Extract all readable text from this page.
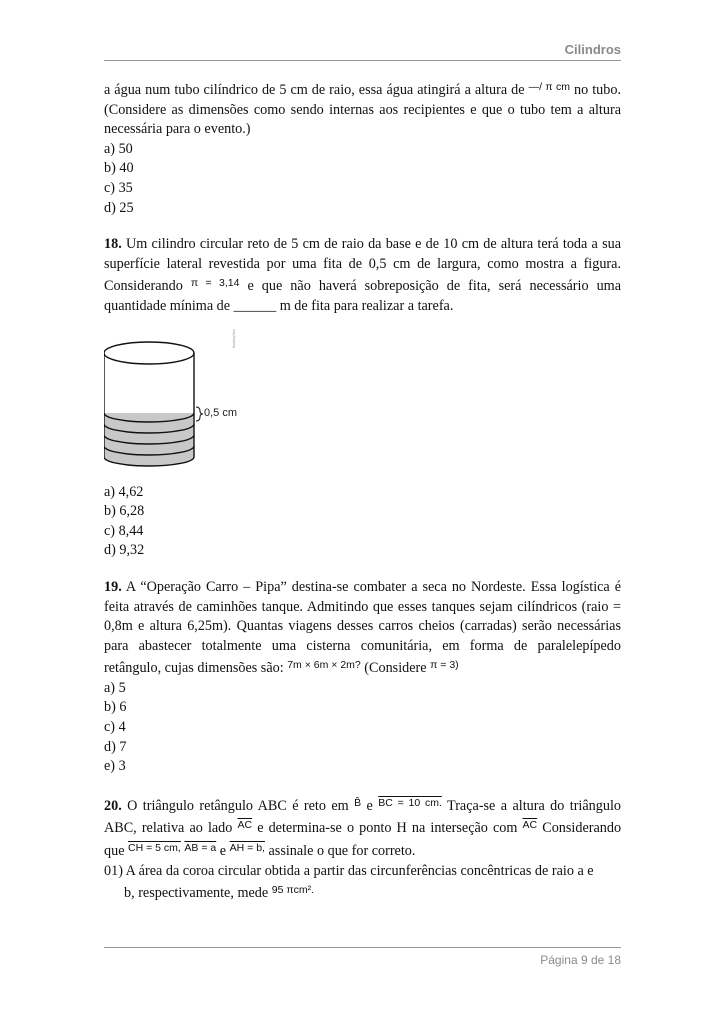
Cilindros

a água num tubo cilíndrico de 5 cm de raio, essa água atingirá a altura de $^{—/ \pi cm}$ no tubo. (Considere as dimensões como sendo internas aos recipientes e que o tubo tem a altura necessária para o evento.)

a) 50

b) 40

c) 35

d) 25

18. Um cilindro circular reto de 5 cm de raio da base e de 10 cm de altura terá toda a sua superfície lateral revestida por uma fita de 0,5 cm de largura, como mostra a figura. Considerando $^{\pi = 3,14}$ e que não haverá sobreposição de fita, será necessário uma quantidade mínima de ______ m de fita para realizar a tarefa.

0,5 cm
Ilustrações

a) 4,62

b) 6,28

c) 8,44

d) 9,32

19. A “Operação Carro – Pipa” destina-se combater a seca no Nordeste. Essa logística é feita através de caminhões tanque. Admitindo que esses tanques sejam cilíndricos (raio = 0,8m e altura 6,25m). Quantas viagens desses carros cheios (carradas) serão necessárias para abastecer totalmente uma cisterna comunitária, em forma de paralelepípedo retângulo, cujas dimensões são: $^{7m \times 6m \times 2m?}$ (Considere $^{\pi = 3)}$

a) 5

b) 6

c) 4

d) 7

e) 3

20. O triângulo retângulo ABC é reto em $^{B̂}$ e $^{BC = 10 cm.}$ Traça-se a altura do triângulo ABC, relativa ao lado $^{\overline{AC}}$ e determina-se o ponto H na interseção com $^{\overline{AC}}$ Considerando que $^{CH = 5 cm,}$ $^{AB = a}$ e $^{AH = b,}$ assinale o que for correto.

01) A área da coroa circular obtida a partir das circunferências concêntricas de raio a e

b, respectivamente, mede $^{95 \pi cm^2.}$

Página 9 de 18
